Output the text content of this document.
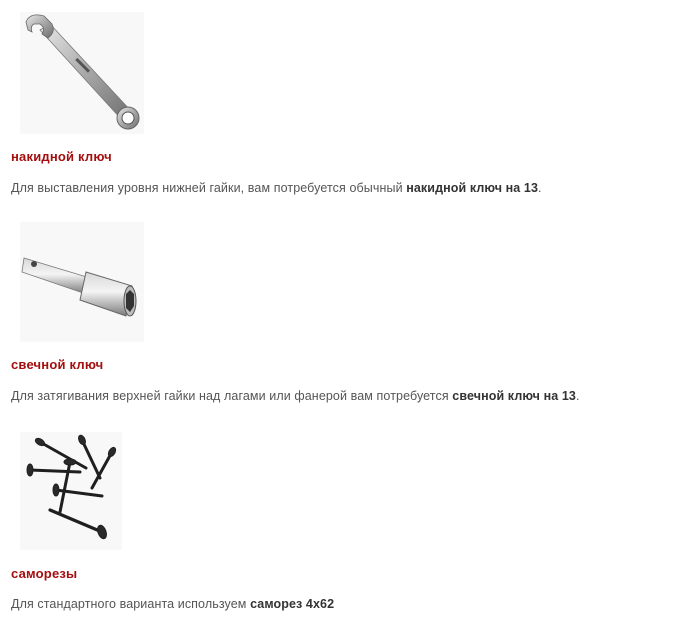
накидной ключ
Для выставления уровня нижней гайки, вам потребуется обычный накидной ключ на 13.
свечной ключ
Для затягивания верхней гайки над лагами или фанерой вам потребуется свечной ключ на 13.
саморезы
Для стандартного варианта используем саморез 4х62
